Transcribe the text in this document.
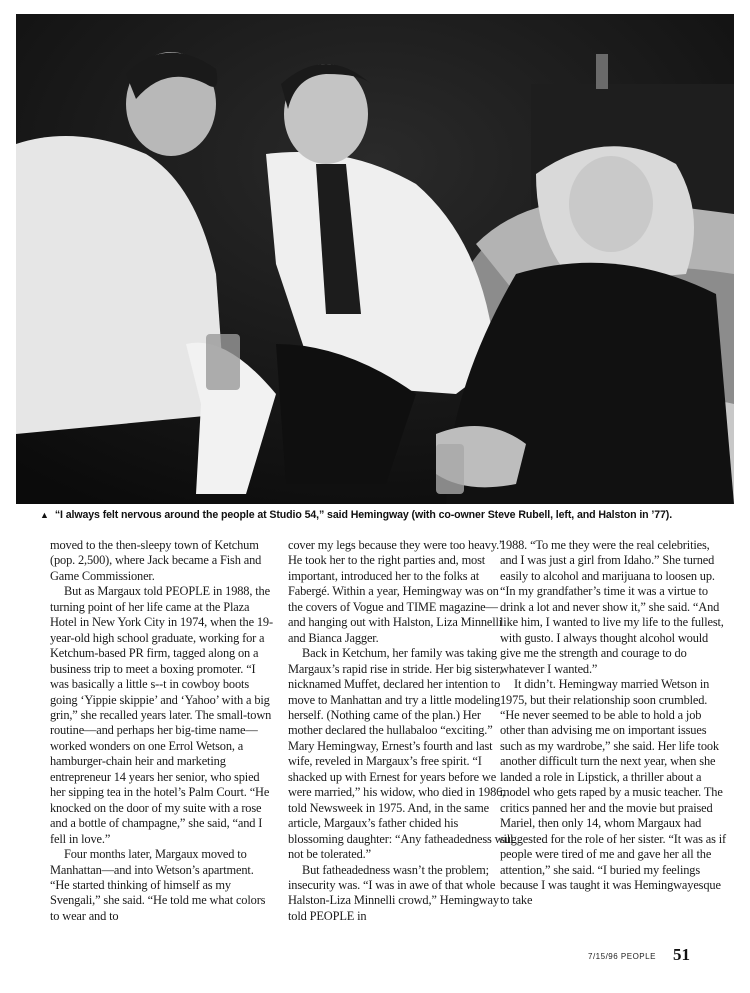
▲ “I always felt nervous around the people at Studio 54,” said Hemingway (with co-owner Steve Rubell, left, and Halston in ’77).

moved to the then-sleepy town of Ketchum (pop. 2,500), where Jack became a Fish and Game Commissioner.

But as Margaux told PEOPLE in 1988, the turning point of her life came at the Plaza Hotel in New York City in 1974, when the 19-year-old high school graduate, working for a Ketchum-based PR firm, tagged along on a business trip to meet a boxing promoter. “I was basically a little s--t in cowboy boots going ‘Yippie skippie’ and ‘Yahoo’ with a big grin,” she recalled years later. The small-town routine—and perhaps her big-time name—worked wonders on one Errol Wetson, a hamburger-chain heir and marketing entrepreneur 14 years her senior, who spied her sipping tea in the hotel’s Palm Court. “He knocked on the door of my suite with a rose and a bottle of champagne,” she said, “and I fell in love.”

Four months later, Margaux moved to Manhattan—and into Wetson’s apartment. “He started thinking of himself as my Svengali,” she said. “He told me what colors to wear and to

cover my legs because they were too heavy.” He took her to the right parties and, most important, introduced her to the folks at Fabergé. Within a year, Hemingway was on the covers of Vogue and TIME magazine—and hanging out with Halston, Liza Minnelli and Bianca Jagger.

Back in Ketchum, her family was taking Margaux’s rapid rise in stride. Her big sister, nicknamed Muffet, declared her intention to move to Manhattan and try a little modeling herself. (Nothing came of the plan.) Her mother declared the hullabaloo “exciting.” Mary Hemingway, Ernest’s fourth and last wife, reveled in Margaux’s free spirit. “I shacked up with Ernest for years before we were married,” his widow, who died in 1986, told Newsweek in 1975. And, in the same article, Margaux’s father chided his blossoming daughter: “Any fatheadedness will not be tolerated.”

But fatheadedness wasn’t the problem; insecurity was. “I was in awe of that whole Halston-Liza Minnelli crowd,” Hemingway told PEOPLE in

1988. “To me they were the real celebrities, and I was just a girl from Idaho.” She turned easily to alcohol and marijuana to loosen up. “In my grandfather’s time it was a virtue to drink a lot and never show it,” she said. “And like him, I wanted to live my life to the fullest, with gusto. I always thought alcohol would give me the strength and courage to do whatever I wanted.”

It didn’t. Hemingway married Wetson in 1975, but their relationship soon crumbled. “He never seemed to be able to hold a job other than advising me on important issues such as my wardrobe,” she said. Her life took another difficult turn the next year, when she landed a role in Lipstick, a thriller about a model who gets raped by a music teacher. The critics panned her and the movie but praised Mariel, then only 14, whom Margaux had suggested for the role of her sister. “It was as if people were tired of me and gave her all the attention,” she said. “I buried my feelings because I was taught it was Hemingwayesque to take

7/15/96 PEOPLE 51
